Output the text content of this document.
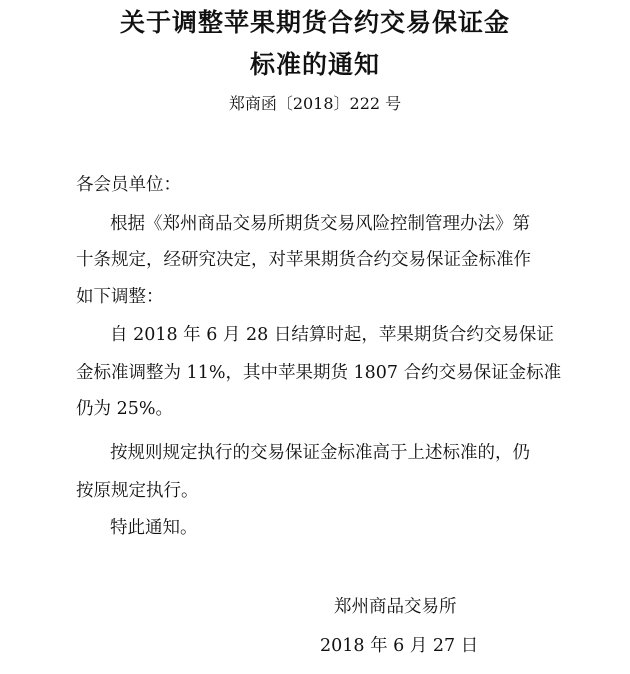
关于调整苹果期货合约交易保证金
标准的通知
郑商函〔2018〕222 号

各会员单位：

根据《郑州商品交易所期货交易风险控制管理办法》第

十条规定，经研究决定，对苹果期货合约交易保证金标准作

如下调整：

自 2018 年 6 月 28 日结算时起，苹果期货合约交易保证

金标准调整为 11%，其中苹果期货 1807 合约交易保证金标准

仍为 25%。

按规则规定执行的交易保证金标准高于上述标准的，仍

按原规定执行。

特此通知。

郑州商品交易所
2018 年 6 月 27 日
